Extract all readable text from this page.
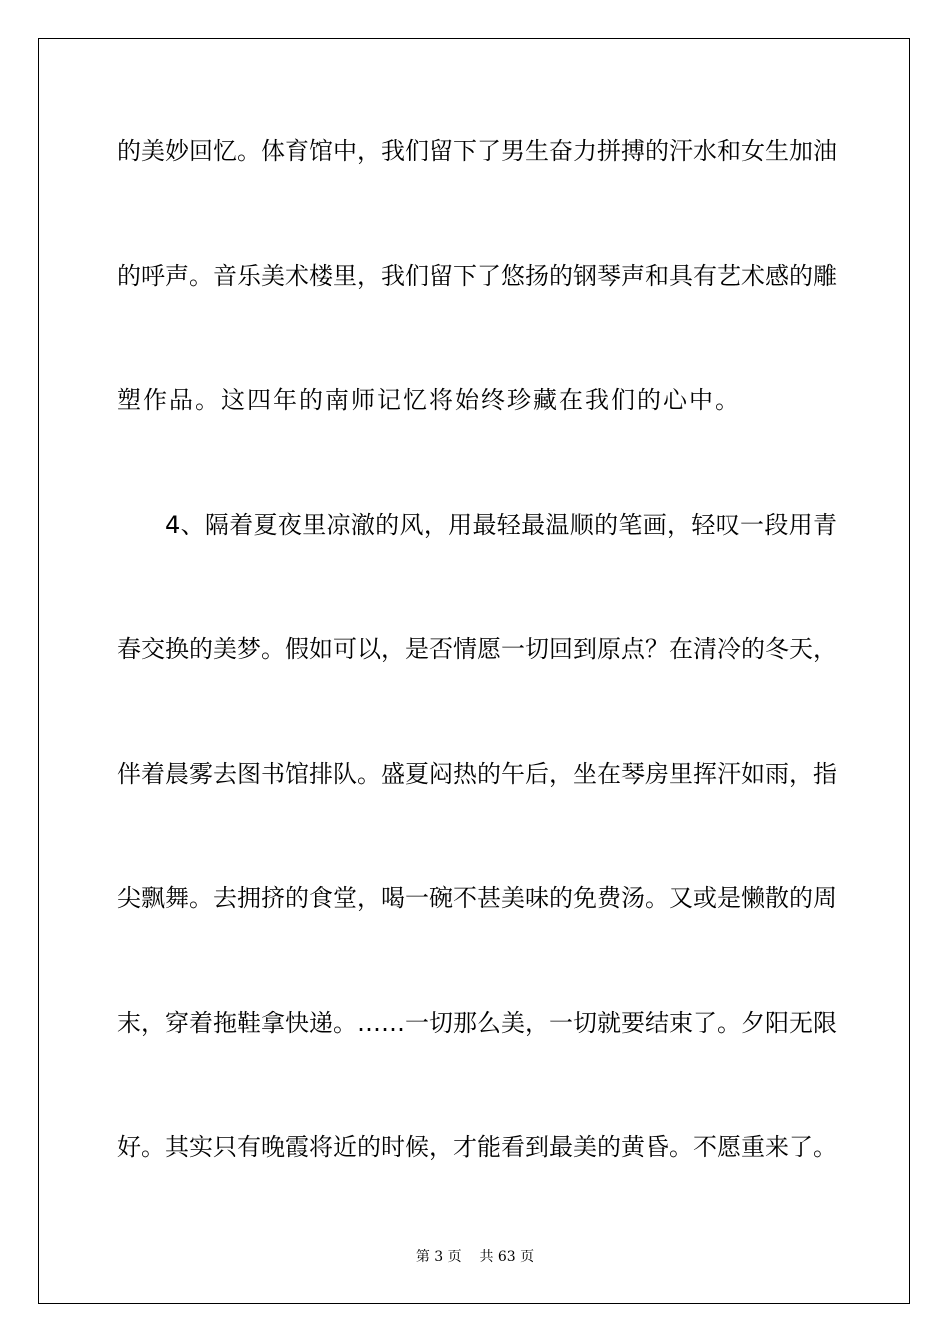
的美妙回忆。体育馆中，我们留下了男生奋力拼搏的汗水和女生加油
的呼声。音乐美术楼里，我们留下了悠扬的钢琴声和具有艺术感的雕
塑作品。这四年的南师记忆将始终珍藏在我们的心中。
4、隔着夏夜里凉澈的风，用最轻最温顺的笔画，轻叹一段用青
春交换的美梦。假如可以，是否情愿一切回到原点？在清冷的冬天，
伴着晨雾去图书馆排队。盛夏闷热的午后，坐在琴房里挥汗如雨，指
尖飘舞。去拥挤的食堂，喝一碗不甚美味的免费汤。又或是懒散的周
末，穿着拖鞋拿快递。……一切那么美，一切就要结束了。夕阳无限
好。其实只有晚霞将近的时候，才能看到最美的黄昏。不愿重来了。
第 3 页 共 63 页
